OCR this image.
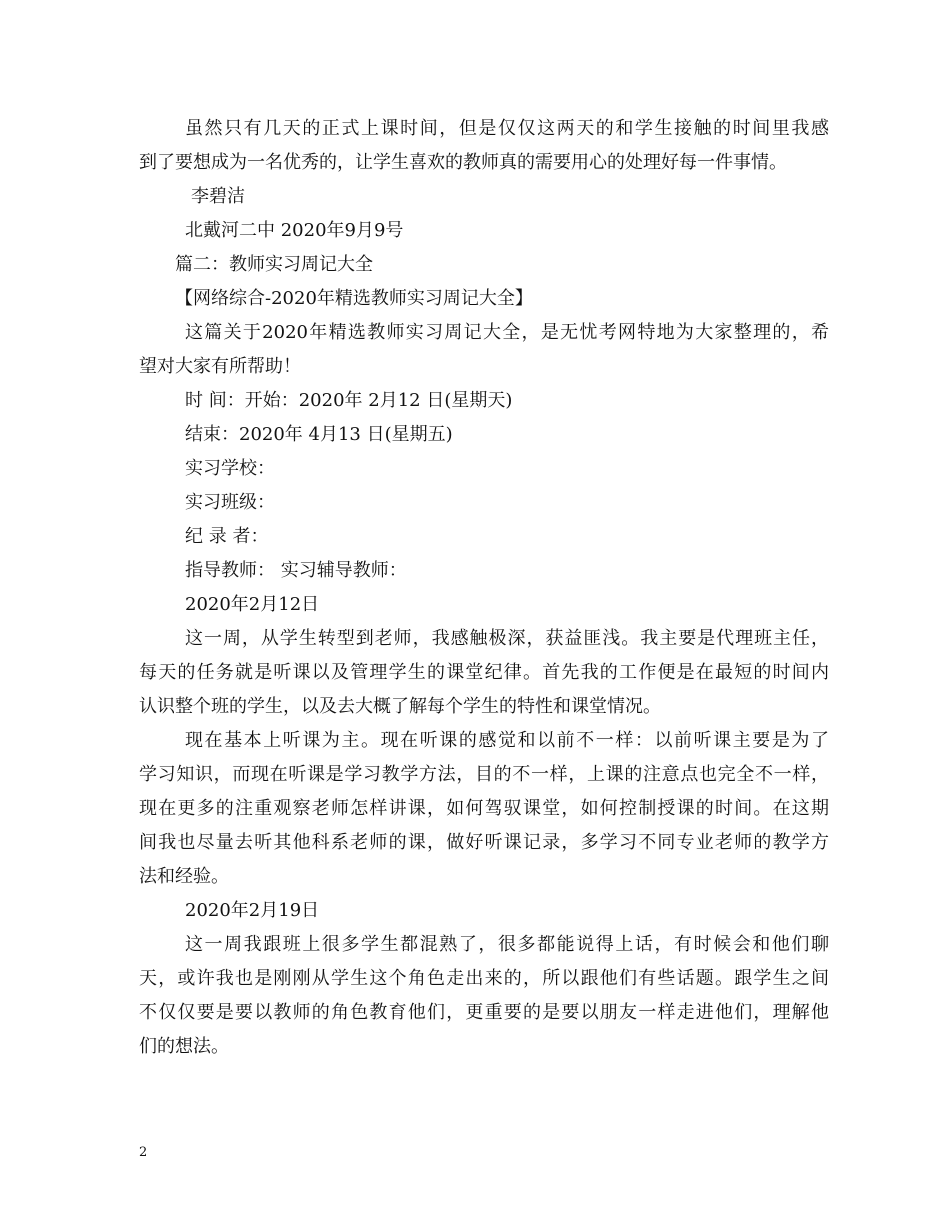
虽然只有几天的正式上课时间，但是仅仅这两天的和学生接触的时间里我感
到了要想成为一名优秀的，让学生喜欢的教师真的需要用心的处理好每一件事情。
李碧洁
北戴河二中 2020年9月9号
篇二：教师实习周记大全
【网络综合-2020年精选教师实习周记大全】
这篇关于2020年精选教师实习周记大全，是无忧考网特地为大家整理的，希
望对大家有所帮助！
时 间：开始：2020年 2月12 日(星期天)
结束：2020年 4月13 日(星期五)
实习学校：
实习班级：
纪 录 者：
指导教师： 实习辅导教师：
2020年2月12日
这一周，从学生转型到老师，我感触极深，获益匪浅。我主要是代理班主任，
每天的任务就是听课以及管理学生的课堂纪律。首先我的工作便是在最短的时间内
认识整个班的学生，以及去大概了解每个学生的特性和课堂情况。
现在基本上听课为主。现在听课的感觉和以前不一样：以前听课主要是为了
学习知识，而现在听课是学习教学方法，目的不一样，上课的注意点也完全不一样，
现在更多的注重观察老师怎样讲课，如何驾驭课堂，如何控制授课的时间。在这期
间我也尽量去听其他科系老师的课，做好听课记录，多学习不同专业老师的教学方
法和经验。
2020年2月19日
这一周我跟班上很多学生都混熟了，很多都能说得上话，有时候会和他们聊
天，或许我也是刚刚从学生这个角色走出来的，所以跟他们有些话题。跟学生之间
不仅仅要是要以教师的角色教育他们，更重要的是要以朋友一样走进他们，理解他
们的想法。
2
